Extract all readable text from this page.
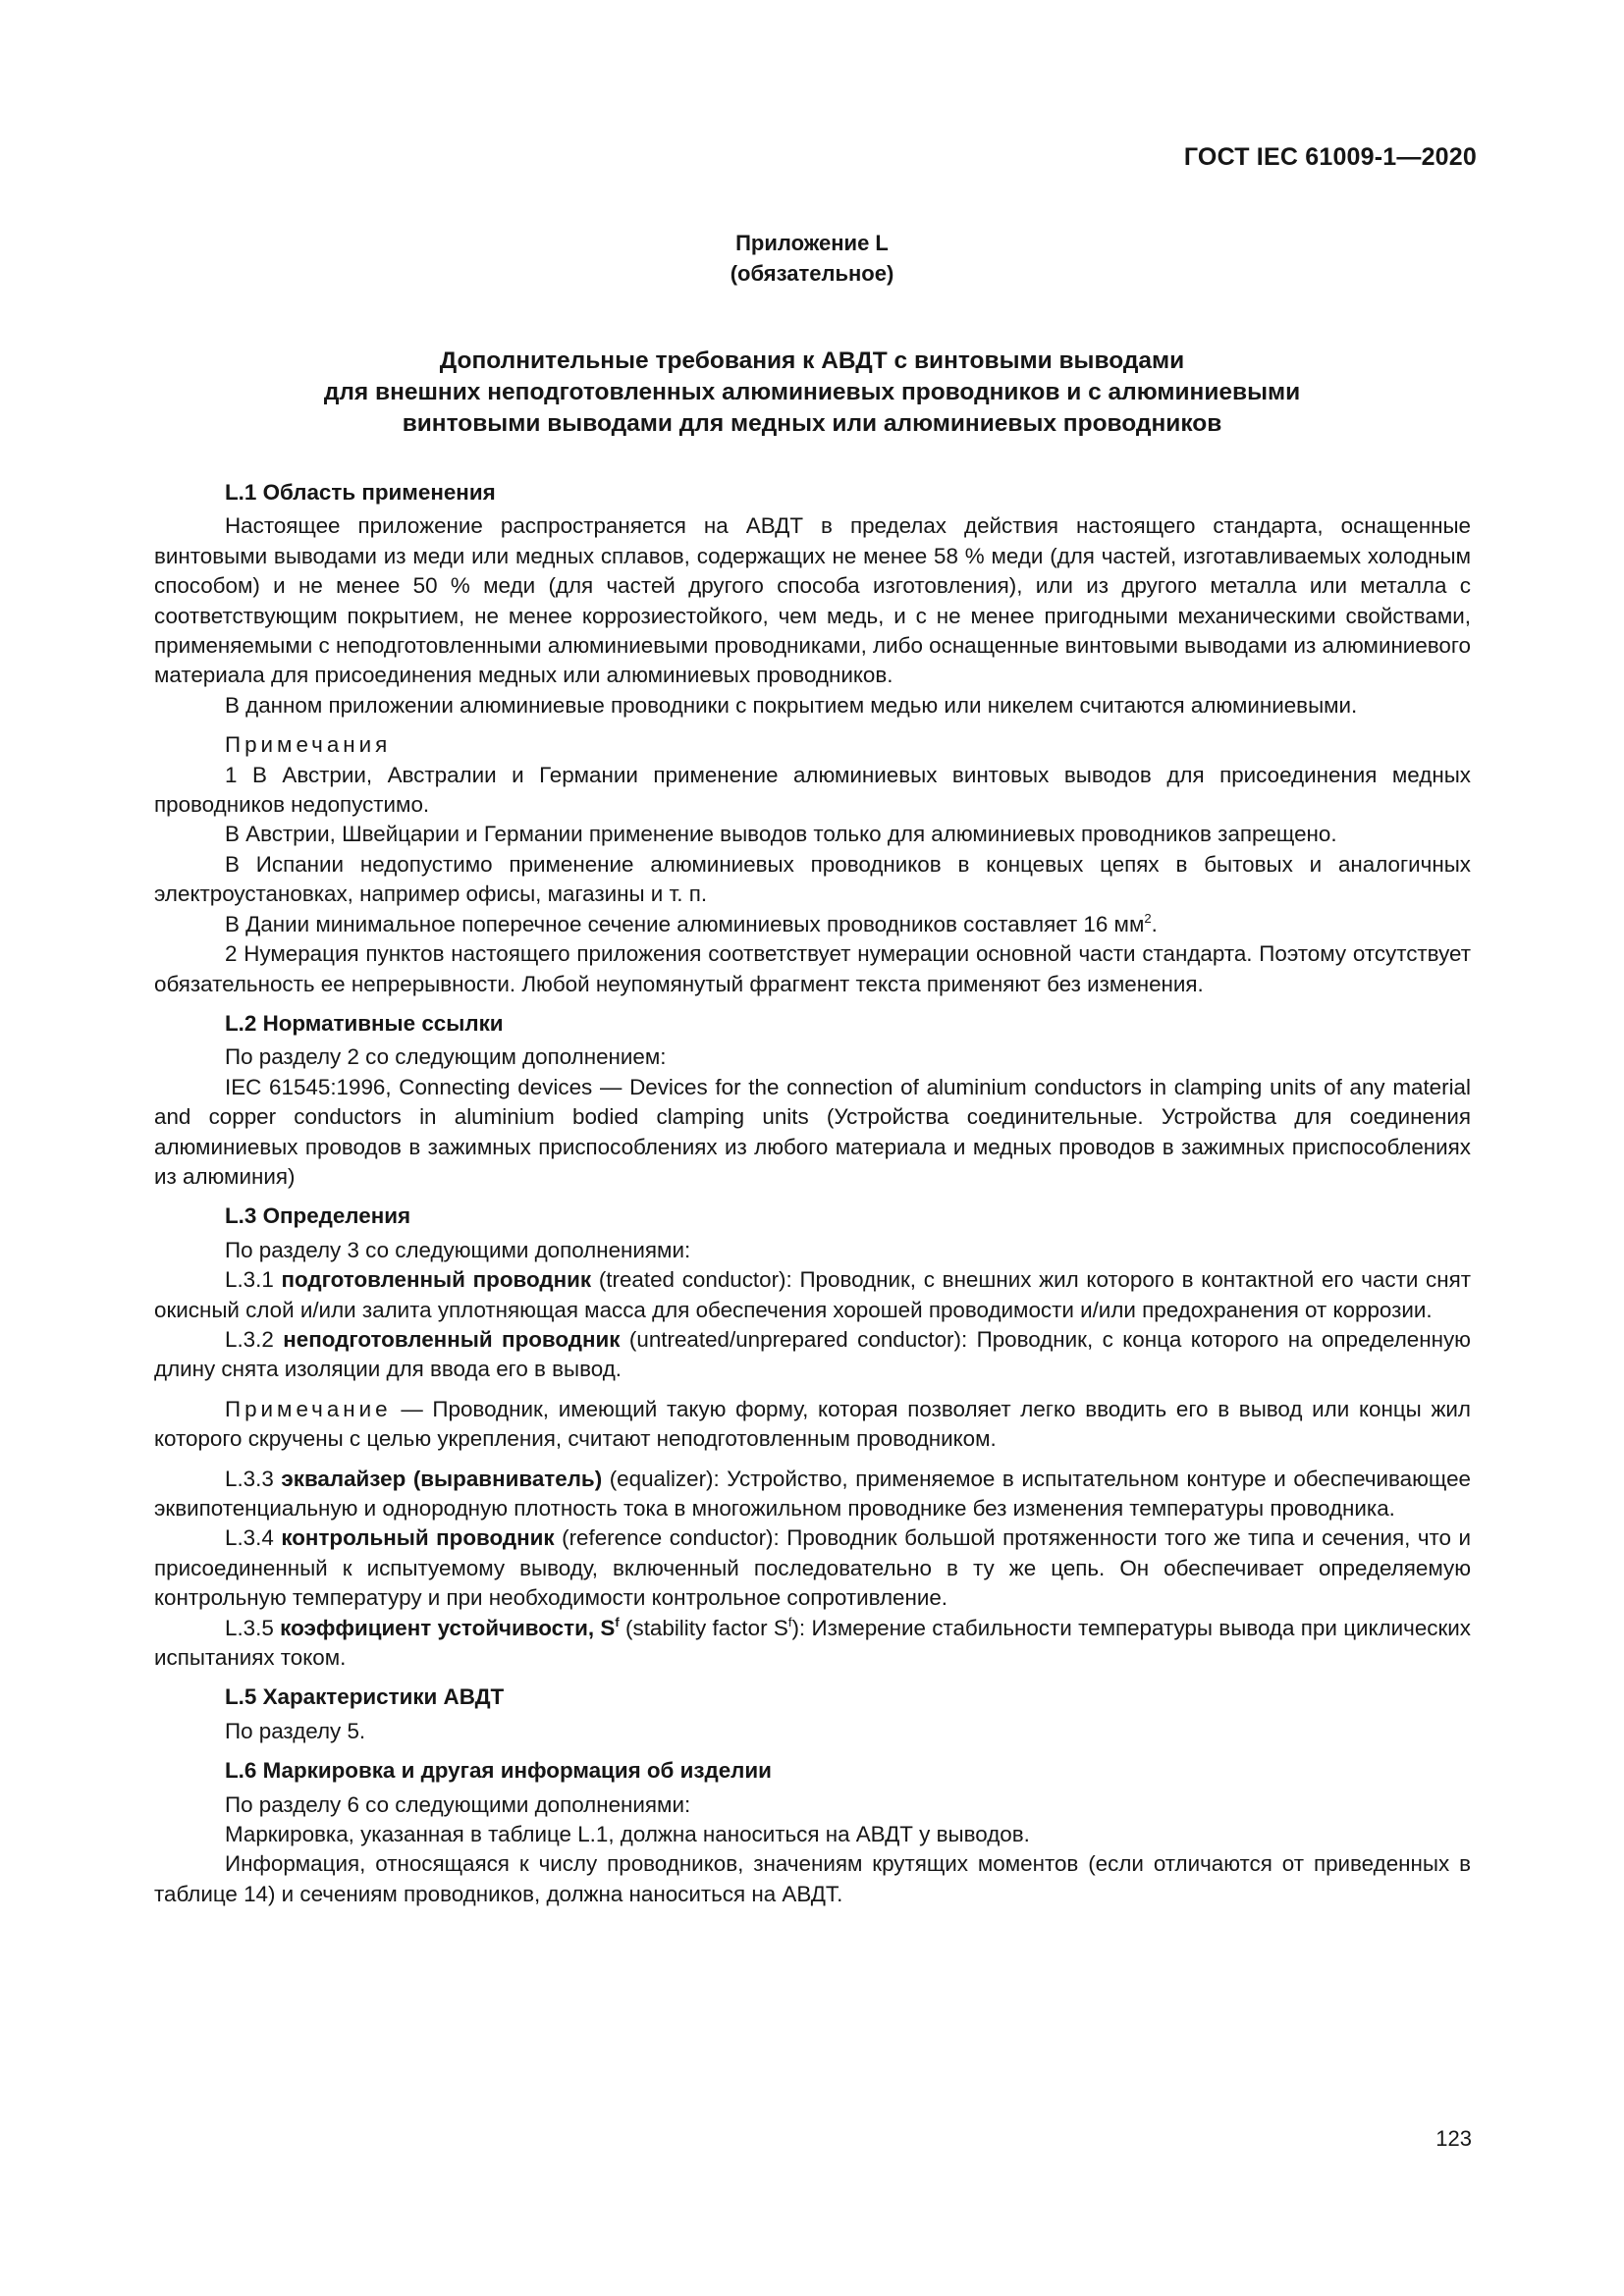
ГОСТ IEC 61009-1—2020
Приложение L
(обязательное)
Дополнительные требования к АВДТ с винтовыми выводами
для внешних неподготовленных алюминиевых проводников и с алюминиевыми
винтовыми выводами для медных или алюминиевых проводников
L.1 Область применения

Настоящее приложение распространяется на АВДТ в пределах действия настоящего стандарта, оснащенные винтовыми выводами из меди или медных сплавов, содержащих не менее 58 % меди (для частей, изготавливаемых холодным способом) и не менее 50 % меди (для частей другого способа изготовления), или из другого металла или металла с соответствующим покрытием, не менее коррозиестойкого, чем медь, и с не менее пригодными механическими свойствами, применяемыми с неподготовленными алюминиевыми проводниками, либо оснащенные винтовыми выводами из алюминиевого материала для присоединения медных или алюминиевых проводников.

В данном приложении алюминиевые проводники с покрытием медью или никелем считаются алюминиевыми.

Примечания

1 В Австрии, Австралии и Германии применение алюминиевых винтовых выводов для присоединения медных проводников недопустимо.

В Австрии, Швейцарии и Германии применение выводов только для алюминиевых проводников запрещено.

В Испании недопустимо применение алюминиевых проводников в концевых цепях в бытовых и аналогичных электроустановках, например офисы, магазины и т. п.

В Дании минимальное поперечное сечение алюминиевых проводников составляет 16 $мм^2$.

2 Нумерация пунктов настоящего приложения соответствует нумерации основной части стандарта. Поэтому отсутствует обязательность ее непрерывности. Любой неупомянутый фрагмент текста применяют без изменения.

L.2 Нормативные ссылки

По разделу 2 со следующим дополнением:

IEC 61545:1996, Connecting devices — Devices for the connection of aluminium conductors in clamping units of any material and copper conductors in aluminium bodied clamping units (Устройства соединительные. Устройства для соединения алюминиевых проводов в зажимных приспособлениях из любого материала и медных проводов в зажимных приспособлениях из алюминия)

L.3 Определения

По разделу 3 со следующими дополнениями:

L.3.1 подготовленный проводник (treated conductor): Проводник, с внешних жил которого в контактной его части снят окисный слой и/или залита уплотняющая масса для обеспечения хорошей проводимости и/или предохранения от коррозии.

L.3.2 неподготовленный проводник (untreated/unprepared conductor): Проводник, с конца которого на определенную длину снята изоляции для ввода его в вывод.

Примечание — Проводник, имеющий такую форму, которая позволяет легко вводить его в вывод или концы жил которого скручены с целью укрепления, считают неподготовленным проводником.

L.3.3 эквалайзер (выравниватель) (equalizer): Устройство, применяемое в испытательном контуре и обеспечивающее эквипотенциальную и однородную плотность тока в многожильном проводнике без изменения температуры проводника.

L.3.4 контрольный проводник (reference conductor): Проводник большой протяженности того же типа и сечения, что и присоединенный к испытуемому выводу, включенный последовательно в ту же цепь. Он обеспечивает определяемую контрольную температуру и при необходимости контрольное сопротивление.

L.3.5 коэффициент устойчивости, $S^f$ (stability factor $S^f$): Измерение стабильности температуры вывода при циклических испытаниях током.

L.5 Характеристики АВДТ

По разделу 5.

L.6 Маркировка и другая информация об изделии

По разделу 6 со следующими дополнениями:

Маркировка, указанная в таблице L.1, должна наноситься на АВДТ у выводов.

Информация, относящаяся к числу проводников, значениям крутящих моментов (если отличаются от приведенных в таблице 14) и сечениям проводников, должна наноситься на АВДТ.

123
